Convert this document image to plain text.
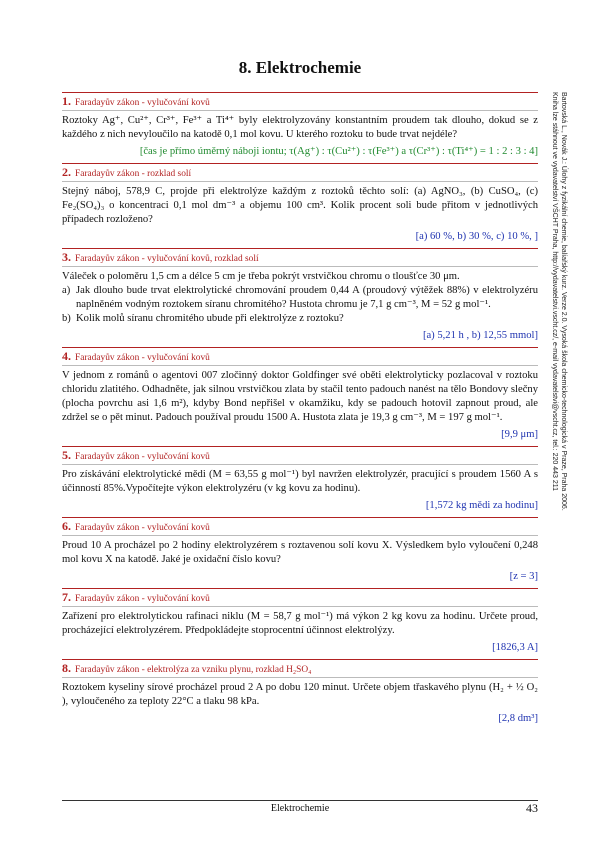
8. Elektrochemie
Bartovská L., Novák J.: Úlohy z fyzikální chemie, balíařský kurz. Verze 2.0. Vysoká škola chemicko-technologická v Praze, Praha 2006.
Kniha lze stáhnout ve vydavatelství VŠCHT Praha, http://vydavatelstvi.vscht.cz/, e-mail vydavatelstvi@vscht.cz, tel.: 220 443 211
1. Faradayův zákon - vylučování kovů

Roztoky Ag⁺, Cu²⁺, Cr³⁺, Fe³⁺ a Ti⁴⁺ byly elektrolyzovány konstantním proudem tak dlouho, dokud se z každého z nich nevyloučilo na katodě 0,1 mol kovu. U kterého roztoku to bude trvat nejdéle?

[čas je přímo úměrný náboji iontu; τ(Ag⁺) : τ(Cu²⁺) : τ(Fe³⁺) a τ(Cr³⁺) : τ(Ti⁴⁺) = 1 : 2 : 3 : 4]
2. Faradayův zákon - rozklad solí

Stejný náboj, 578,9 C, projde při elektrolýze každým z roztoků těchto solí: (a) AgNO₃, (b) CuSO₄, (c) Fe₂(SO₄)₃ o koncentraci 0,1 mol dm⁻³ a objemu 100 cm³. Kolik procent soli bude přitom v jednotlivých případech rozloženo?

[a) 60 %, b) 30 %, c) 10 %, ]
3. Faradayův zákon - vylučování kovů, rozklad solí

Váleček o poloměru 1,5 cm a délce 5 cm je třeba pokrýt vrstvičkou chromu o tloušťce 30 μm.

a) Jak dlouho bude trvat elektrolytické chromování proudem 0,44 A (proudový výtěžek 88%) v elektrolyzéru naplněném vodným roztokem síranu chromitého? Hustota chromu je 7,1 g cm⁻³, M = 52 g mol⁻¹.
b) Kolik molů síranu chromitého ubude při elektrolýze z roztoku?
[a) 5,21 h , b) 12,55 mmol]
4. Faradayův zákon - vylučování kovů

V jednom z románů o agentovi 007 zločinný doktor Goldfinger své oběti elektrolyticky pozlacoval v roztoku chloridu zlatitého. Odhadněte, jak silnou vrstvičkou zlata by stačil tento padouch nanést na tělo Bondovy slečny (plocha povrchu asi 1,6 m²), kdyby Bond nepřišel v okamžiku, kdy se padouch hotovil zapnout proud, ale zdržel se o pět minut. Padouch používal proudu 1500 A. Hustota zlata je 19,3 g cm⁻³, M = 197 g mol⁻¹.

[9,9 μm]
5. Faradayův zákon - vylučování kovů

Pro získávání elektrolytické mědi (M = 63,55 g mol⁻¹) byl navržen elektrolyzér, pracující s proudem 1560 A s účinností 85%.Vypočítejte výkon elektrolyzéru (v kg kovu za hodinu).

[1,572 kg mědi za hodinu]
6. Faradayův zákon - vylučování kovů

Proud 10 A procházel po 2 hodiny elektrolyzérem s roztavenou solí kovu X. Výsledkem bylo vyloučení 0,248 mol kovu X na katodě. Jaké je oxidační číslo kovu?

[z = 3]
7. Faradayův zákon - vylučování kovů

Zařízení pro elektrolytickou rafinaci niklu (M = 58,7 g mol⁻¹) má výkon 2 kg kovu za hodinu. Určete proud, procházející elektrolyzérem. Předpokládejte stoprocentní účinnost elektrolýzy.

[1826,3 A]
8. Faradayův zákon - elektrolýza za vzniku plynu, rozklad H₂SO₄

Roztokem kyseliny sírové procházel proud 2 A po dobu 120 minut. Určete objem třaskavého plynu (H₂ + ½ O₂ ), vyloučeného za teploty 22°C a tlaku 98 kPa.

[2,8 dm³]
Elektrochemie	43
